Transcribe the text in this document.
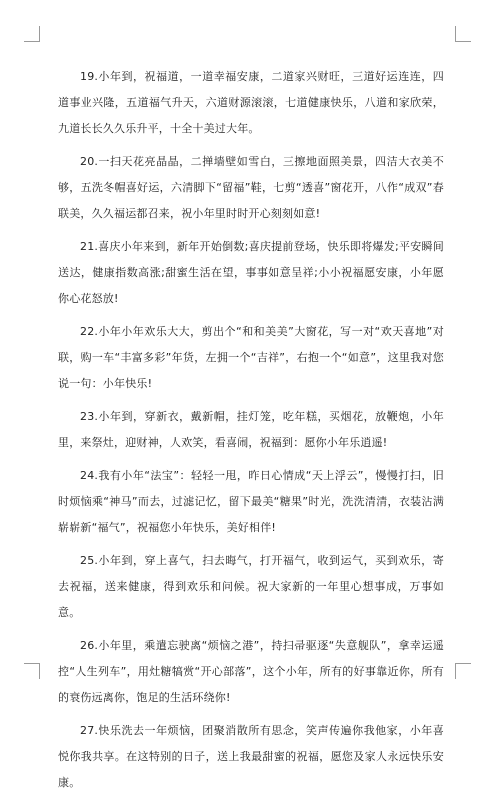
19.小年到，祝福道，一道幸福安康，二道家兴财旺，三道好运连连，四道事业兴隆，五道福气升天，六道财源滚滚，七道健康快乐，八道和家欣荣，九道长长久久乐升平，十全十美过大年。

20.一扫天花亮晶晶，二掸墙壁如雪白，三擦地面照美景，四洁大衣美不够，五洗冬帽喜好运，六清脚下“留福”鞋，七剪“透喜”窗花开，八作“成双”春联美，久久福运都召来，祝小年里时时开心刻刻如意!

21.喜庆小年来到，新年开始倒数;喜庆提前登场，快乐即将爆发;平安瞬间送达，健康指数高涨;甜蜜生活在望，事事如意呈祥;小小祝福愿安康，小年愿你心花怒放!

22.小年小年欢乐大大，剪出个“和和美美”大窗花，写一对“欢天喜地”对联，购一车“丰富多彩”年货，左拥一个“吉祥”，右抱一个“如意”，这里我对您说一句：小年快乐!

23.小年到，穿新衣，戴新帽，挂灯笼，吃年糕，买烟花，放鞭炮，小年里，来祭灶，迎财神，人欢笑，看喜闹，祝福到：愿你小年乐逍遥!

24.我有小年“法宝”：轻轻一甩，昨日心情成“天上浮云”，慢慢打扫，旧时烦恼乘“神马”而去，过滤记忆，留下最美“糖果”时光，洗洗清清，衣装沾满崭崭新“福气”，祝福您小年快乐，美好相伴!

25.小年到，穿上喜气，扫去晦气，打开福气，收到运气，买到欢乐，寄去祝福，送来健康，得到欢乐和问候。祝大家新的一年里心想事成，万事如意。

26.小年里，乘遣忘驶离“烦恼之港”，持扫帚驱逐“失意舰队”，拿幸运遥控“人生列车”，用灶糖犒赏“开心部落”，这个小年，所有的好事靠近你，所有的衰伤远离你，饱足的生活环绕你!

27.快乐洗去一年烦恼，团聚消散所有思念，笑声传遍你我他家，小年喜悦你我共享。在这特别的日子，送上我最甜蜜的祝福，愿您及家人永远快乐安康。
